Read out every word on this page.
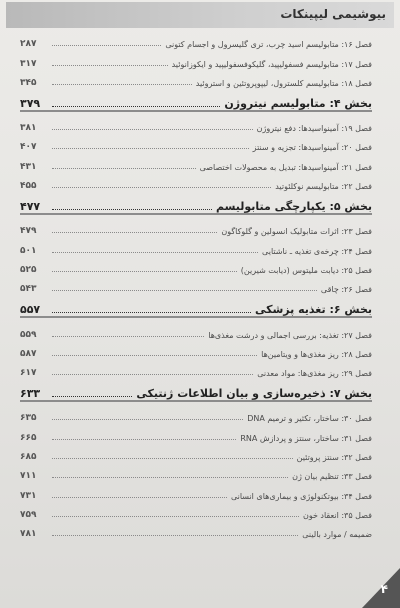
بیوشیمی لیپینکات
فصل ۱۶: متابولیسم اسید چرب، تری گلیسرول و اجسام کتونی
۲۸۷
فصل ۱۷: متابولیسم فسفولیپید، گلیکوفسفولیپید و ایکوزانوئید
۳۱۷
فصل ۱۸: متابولیسم کلسترول، لیپوپروتئین و استروئید
۳۴۵
بخش ۴: متابولیسم نیتروژن
۳۷۹
فصل ۱۹: آمینواسیدها: دفع نیتروژن
۳۸۱
فصل ۲۰: آمینواسیدها: تجزیه و سنتز
۴۰۷
فصل ۲۱: آمینواسیدها: تبدیل به محصولات اختصاصی
۴۳۱
فصل ۲۲: متابولیسم نوکلئوتید
۴۵۵
بخش ۵: یکپارچگی متابولیسم
۴۷۷
فصل ۲۳: اثرات متابولیک انسولین و گلوکاگون
۴۷۹
فصل ۲۴: چرخه‌ی تغذیه ـ ناشتایی
۵۰۱
فصل ۲۵: دیابت ملیتوس (دیابت شیرین)
۵۲۵
فصل ۲۶: چاقی
۵۴۳
بخش ۶: تغذیه پزشکی
۵۵۷
فصل ۲۷: تغذیه: بررسی اجمالی و درشت مغذی‌ها
۵۵۹
فصل ۲۸: ریز مغذی‌ها و ویتامین‌ها
۵۸۷
فصل ۲۹: ریز مغذی‌ها: مواد معدنی
۶۱۷
بخش ۷: ذخیره‌سازی و بیان اطلاعات ژنتیکی
۶۳۳
فصل ۳۰: ساختار، تکثیر و ترمیم DNA
۶۳۵
فصل ۳۱: ساختار، سنتز و پردازش RNA
۶۶۵
فصل ۳۲: سنتز پروتئین
۶۸۵
فصل ۳۳: تنظیم بیان ژن
۷۱۱
فصل ۳۴: بیوتکنولوژی و بیماری‌های انسانی
۷۳۱
فصل ۳۵: انعقاد خون
۷۵۹
ضمیمه / موارد بالینی
۷۸۱
۴
